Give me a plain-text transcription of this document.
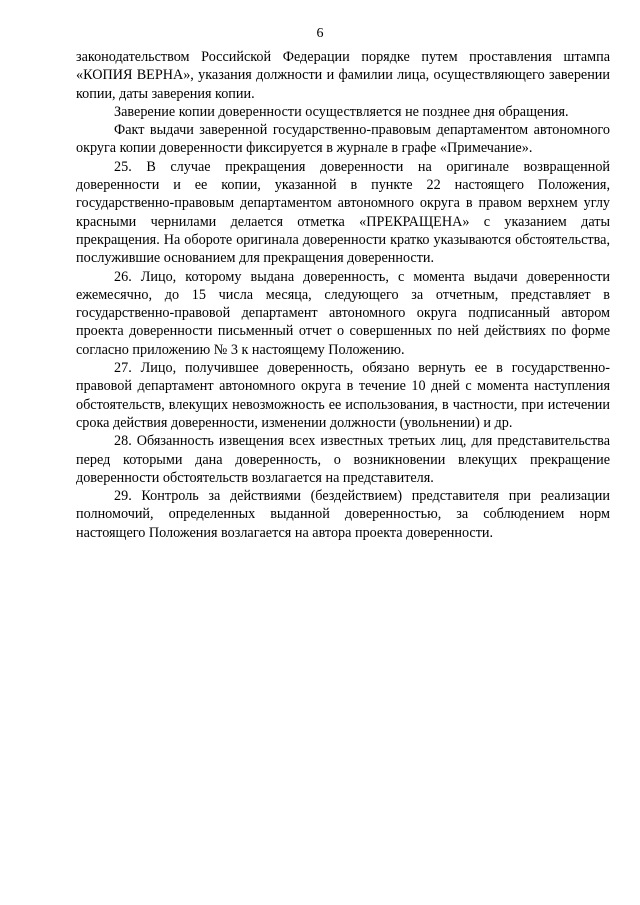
6

законодательством Российской Федерации порядке путем проставления штампа «КОПИЯ ВЕРНА», указания должности и фамилии лица, осуществляющего заверении копии, даты заверения копии.

Заверение копии доверенности осуществляется не позднее дня обращения.

Факт выдачи заверенной государственно-правовым департаментом автономного округа копии доверенности фиксируется в журнале в графе «Примечание».

25. В случае прекращения доверенности на оригинале возвращенной доверенности и ее копии, указанной в пункте 22 настоящего Положения, государственно-правовым департаментом автономного округа в правом верхнем углу красными чернилами делается отметка «ПРЕКРАЩЕНА» с указанием даты прекращения. На обороте оригинала доверенности кратко указываются обстоятельства, послужившие основанием для прекращения доверенности.

26. Лицо, которому выдана доверенность, с момента выдачи доверенности ежемесячно, до 15 числа месяца, следующего за отчетным, представляет в государственно-правовой департамент автономного округа подписанный автором проекта доверенности письменный отчет о совершенных по ней действиях по форме согласно приложению № 3 к настоящему Положению.

27. Лицо, получившее доверенность, обязано вернуть ее в государственно-правовой департамент автономного округа в течение 10 дней с момента наступления обстоятельств, влекущих невозможность ее использования, в частности, при истечении срока действия доверенности, изменении должности (увольнении) и др.

28. Обязанность извещения всех известных третьих лиц, для представительства перед которыми дана доверенность, о возникновении влекущих прекращение доверенности обстоятельств возлагается на представителя.

29. Контроль за действиями (бездействием) представителя при реализации полномочий, определенных выданной доверенностью, за соблюдением норм настоящего Положения возлагается на автора проекта доверенности.
